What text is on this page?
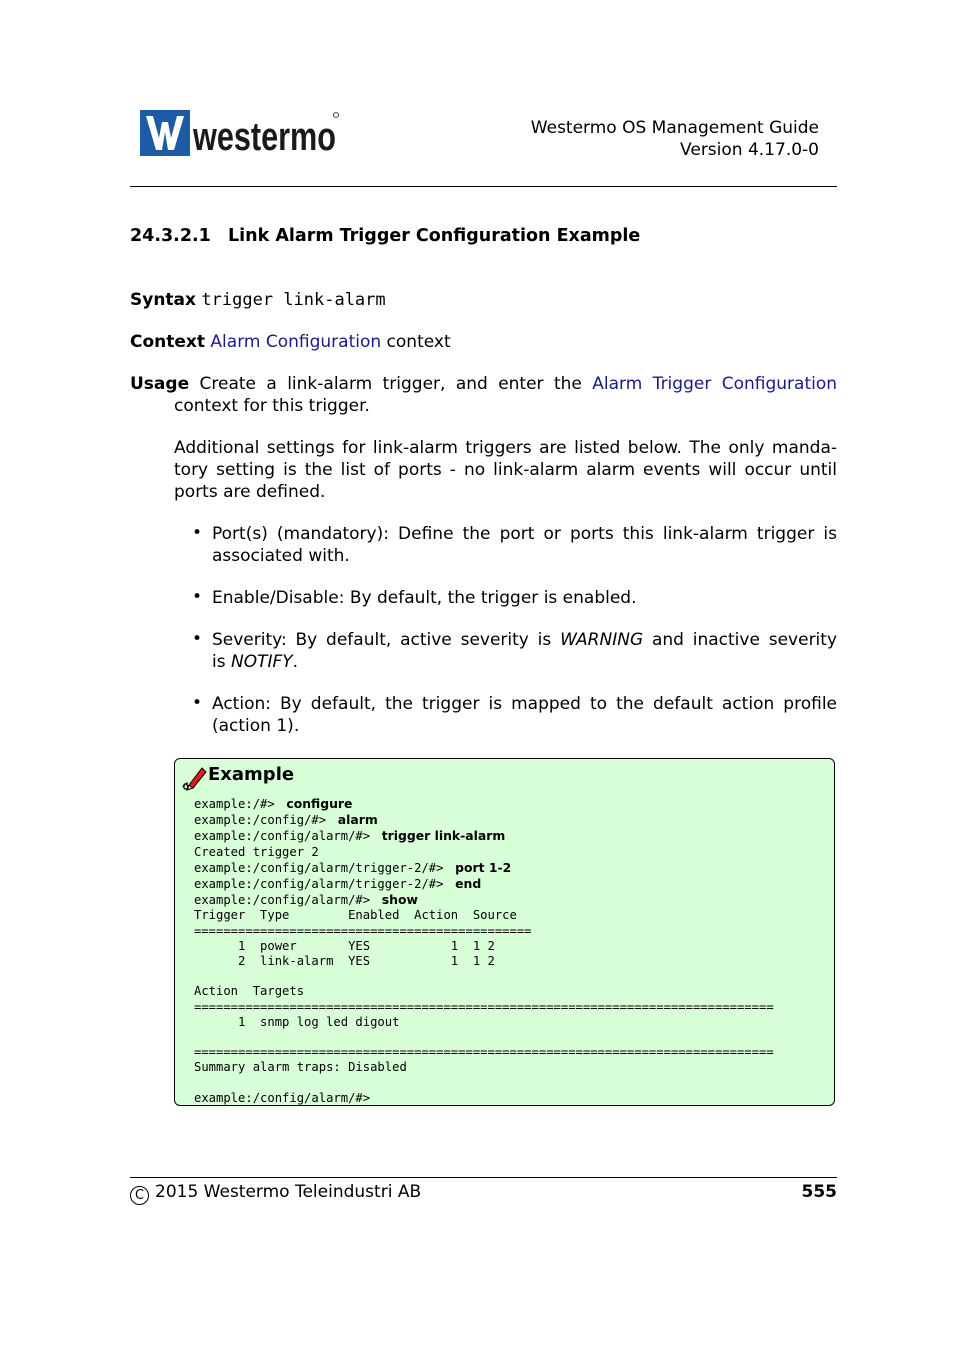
westermo	Westermo OS Management Guide
Version 4.17.0-0
24.3.2.1 Link Alarm Trigger Configuration Example
Syntax trigger link-alarm
Context Alarm Configuration context
Usage Create a link-alarm trigger, and enter the Alarm Trigger Configuration
context for this trigger.
Additional settings for link-alarm triggers are listed below. The only manda-
tory setting is the list of ports - no link-alarm alarm events will occur until
ports are defined.
• Port(s) (mandatory): Define the port or ports this link-alarm trigger is
associated with.
• Enable/Disable: By default, the trigger is enabled.
• Severity: By default, active severity is WARNING and inactive severity
is NOTIFY.
• Action: By default, the trigger is mapped to the default action profile
(action 1).
Example
example:/#>  configure
example:/config/#>  alarm
example:/config/alarm/#>  trigger link-alarm
Created trigger 2
example:/config/alarm/trigger-2/#>  port 1-2
example:/config/alarm/trigger-2/#>  end
example:/config/alarm/#>  show
Trigger  Type        Enabled  Action  Source
==============================================
1  power       YES           1  1 2
2  link-alarm  YES           1  1 2

Action  Targets
===============================================================================
1  snmp log led digout

===============================================================================
Summary alarm traps: Disabled

example:/config/alarm/#>
C 2015 Westermo Teleindustri AB	555
